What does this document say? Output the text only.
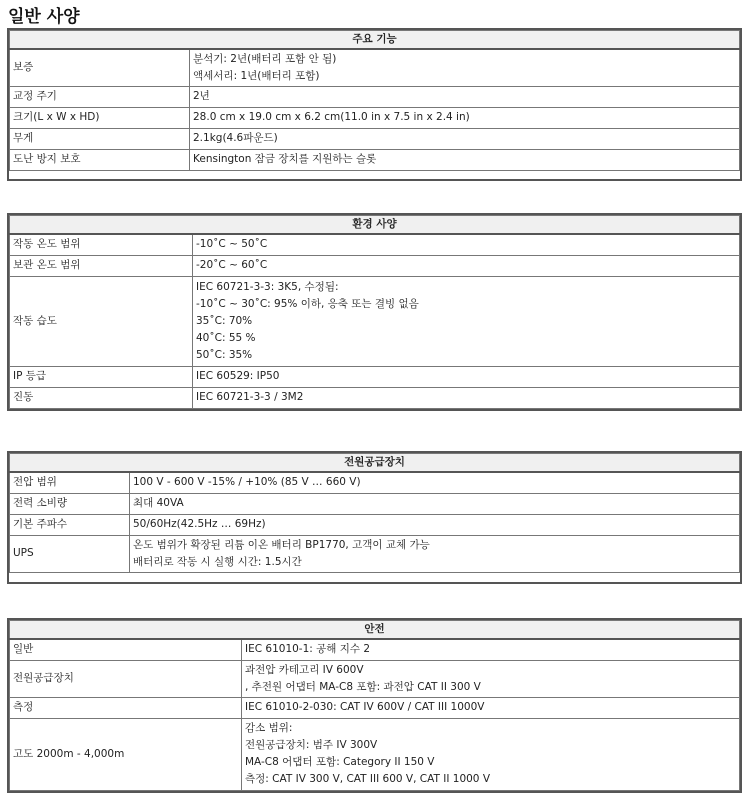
일반 사양
주요 기능	
보증	분석기: 2년(배터리 포함 안 됨)
액세서리: 1년(배터리 포함)

교정 주기	2년
크기(L x W x HD)	28.0 cm x 19.0 cm x 6.2 cm(11.0 in x 7.5 in x 2.4 in)
무게	2.1kg(4.6파운드)
도난 방지 보호	Kensington 잠금 장치를 지원하는 슬롯

환경 사양	
작동 온도 범위	-10˚C ~ 50˚C
보관 온도 범위	-20˚C ~ 60˚C
작동 습도	IEC 60721-3-3: 3K5, 수정됨:
-10˚C ~ 30˚C: 95% 이하, 응축 또는 결빙 없음
35˚C: 70%
40˚C: 55 %
50˚C: 35%

IP 등급	IEC 60529: IP50
진동	IEC 60721-3-3 / 3M2
전원공급장치	
전압 범위	100 V - 600 V -15% / +10% (85 V … 660 V)
전력 소비량	최대 40VA
기본 주파수	50/60Hz(42.5Hz … 69Hz)
UPS	온도 범위가 확장된 리튬 이온 배터리 BP1770, 고객이 교체 가능
배터리로 작동 시 실행 시간: 1.5시간

안전	
일반	IEC 61010-1: 공해 지수 2
전원공급장치	과전압 카테고리 IV 600V
, 추전원 어댑터 MA-C8 포함: 과전압 CAT II 300 V

측정	IEC 61010-2-030: CAT IV 600V / CAT III 1000V
고도 2000m - 4,000m	감소 범위:
전원공급장치: 범주 IV 300V
MA-C8 어댑터 포함: Category II 150 V
측정: CAT IV 300 V, CAT III 600 V, CAT II 1000 V
